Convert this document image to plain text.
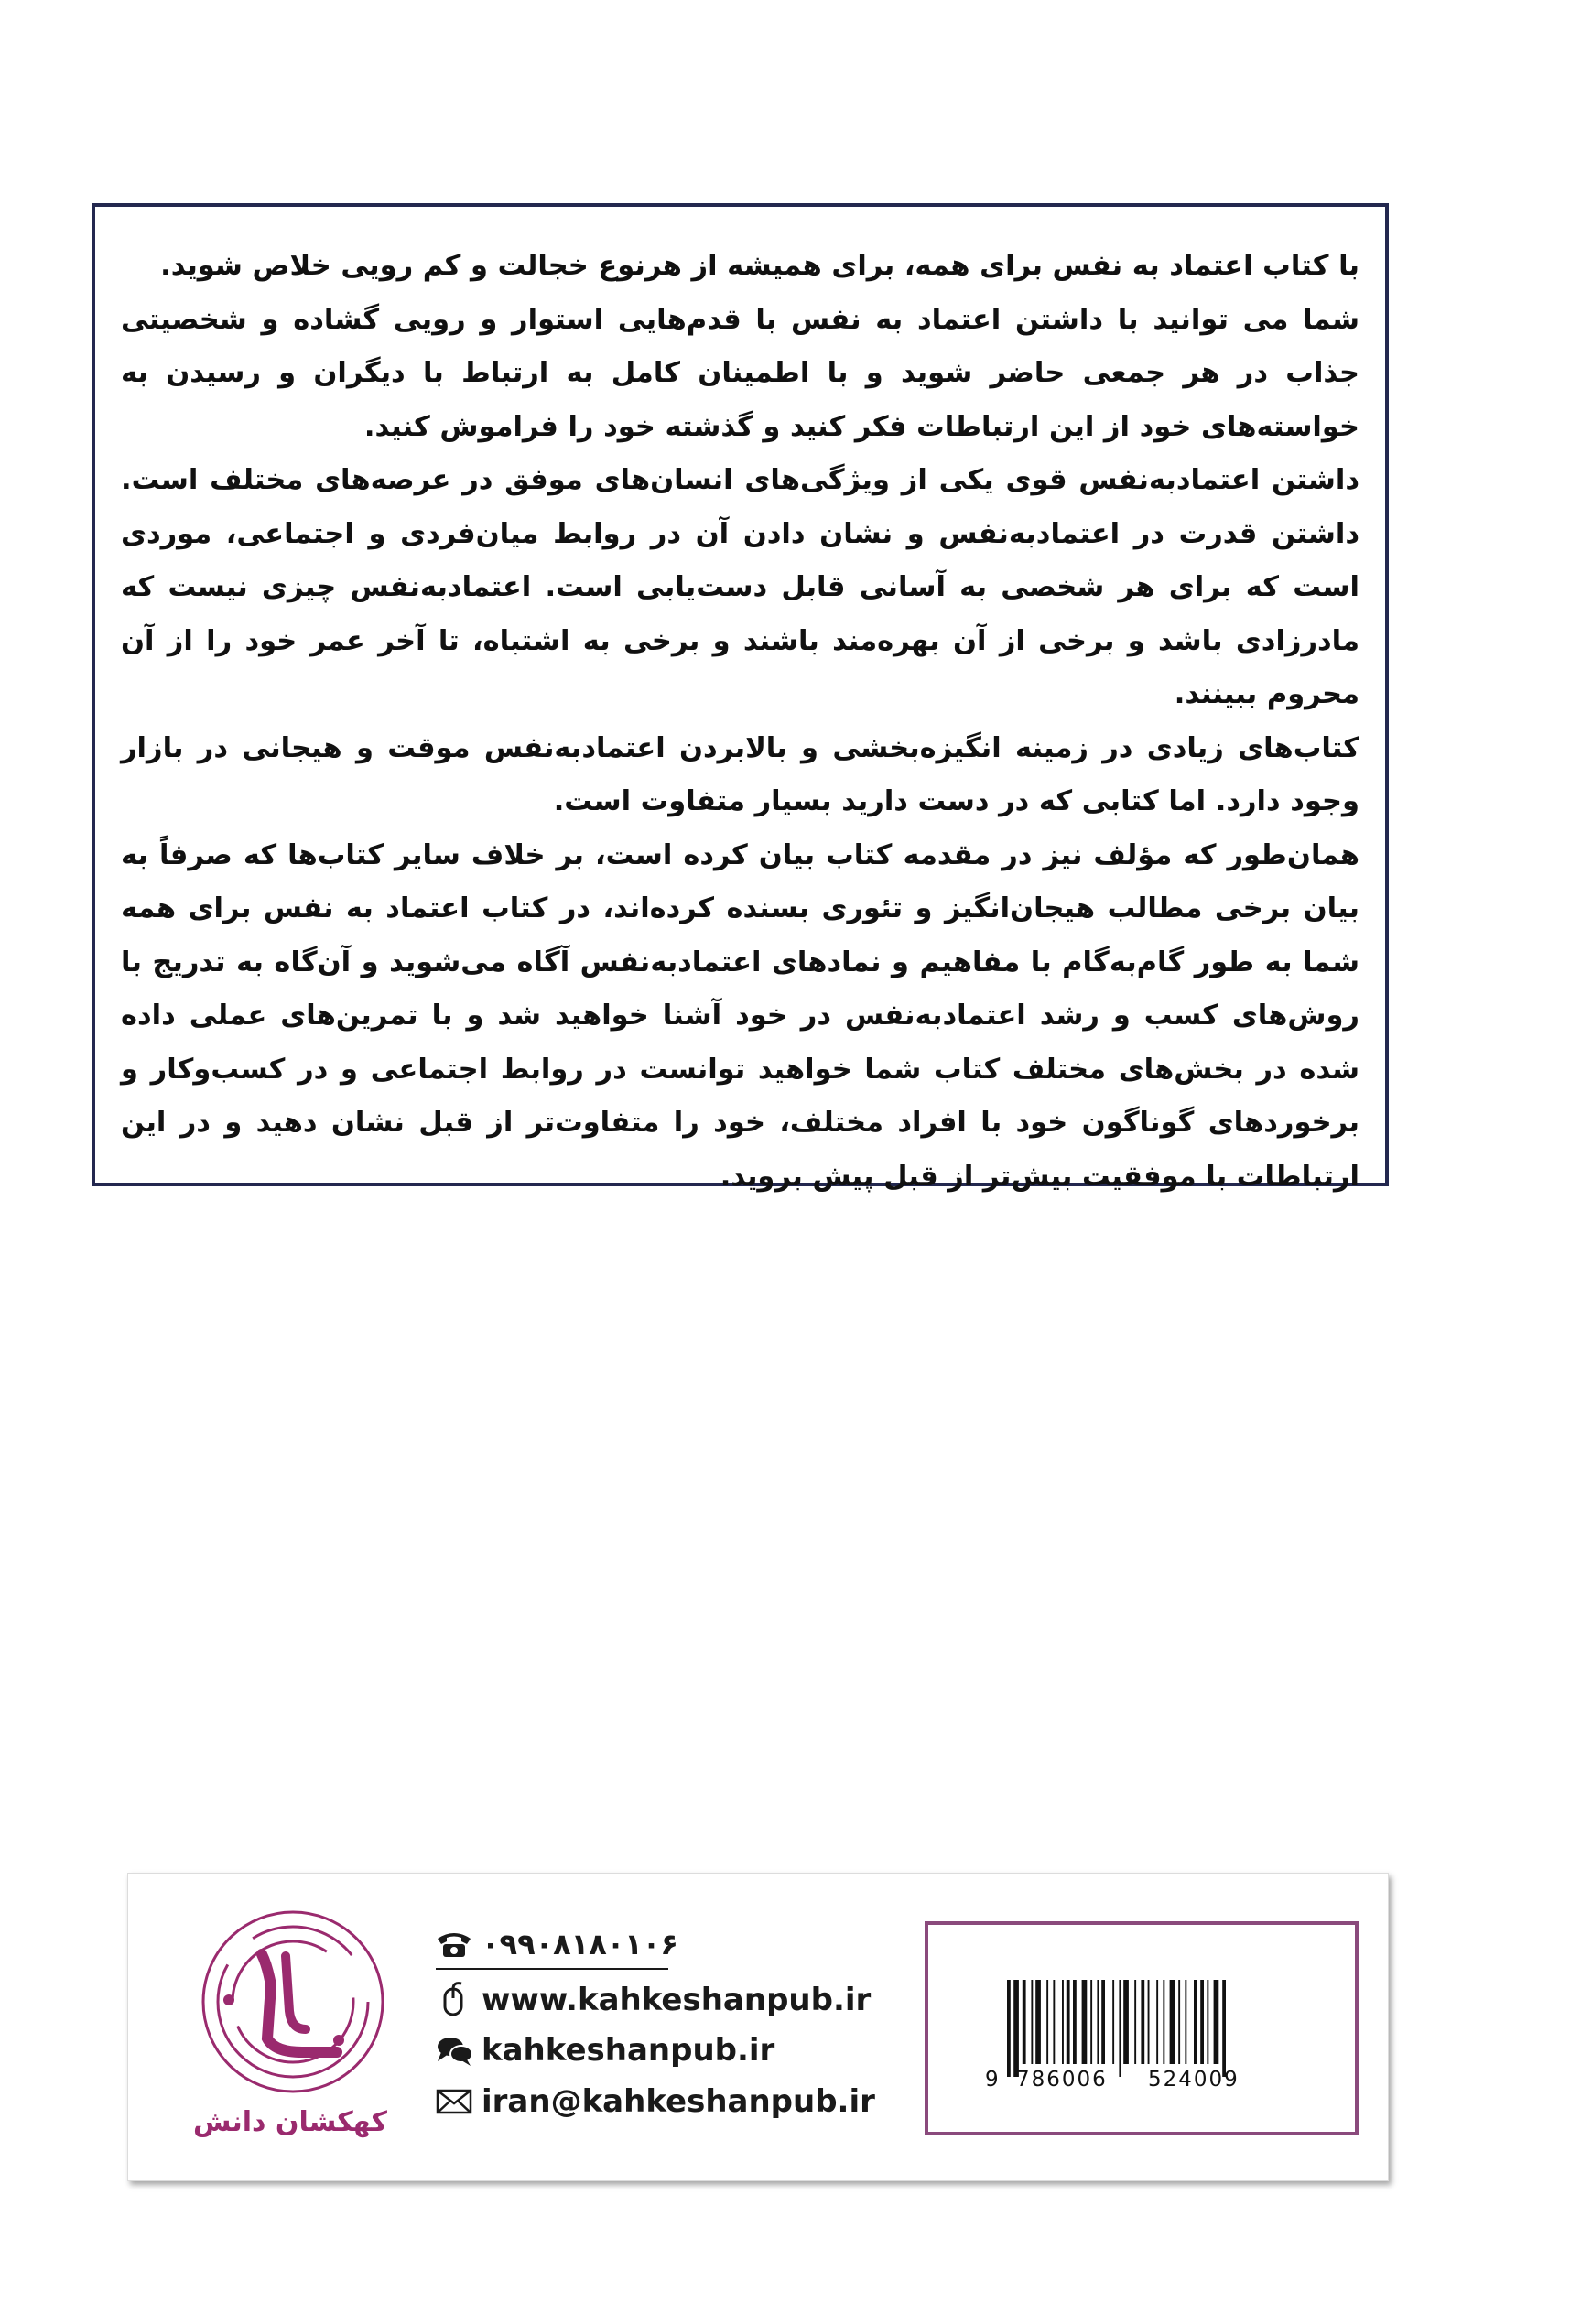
با کتاب اعتماد به نفس برای همه، برای همیشه از هرنوع خجالت و کم رویی خلاص شوید.

شما می توانید با داشتن اعتماد به نفس با قدم‌هایی استوار و رویی گشاده و شخصیتی جذاب در هر جمعی حاضر شوید و با اطمینان کامل به ارتباط با دیگران و رسیدن به خواسته‌های خود از این ارتباطات فکر کنید و گذشته خود را فراموش کنید.

داشتن اعتمادبه‌نفس قوی یکی از ویژگی‌های انسان‌های موفق در عرصه‌های مختلف است. داشتن قدرت در اعتمادبه‌نفس و نشان دادن آن در روابط میان‌فردی و اجتماعی، موردی است که برای هر شخصی به آسانی قابل دست‌یابی است. اعتمادبه‌نفس چیزی نیست که مادرزادی باشد و برخی از آن بهره‌مند باشند و برخی به اشتباه، تا آخر عمر خود را از آن محروم ببینند.

کتاب‌های زیادی در زمینه انگیزه‌بخشی و بالابردن اعتمادبه‌نفس موقت و هیجانی در بازار وجود دارد. اما کتابی که در دست دارید بسیار متفاوت است.

همان‌طور که مؤلف نیز در مقدمه کتاب بیان کرده است، بر خلاف سایر کتاب‌ها که صرفاً به بیان برخی مطالب هیجان‌انگیز و تئوری بسنده کرده‌اند، در کتاب اعتماد به نفس برای همه شما به طور گام‌به‌گام با مفاهیم و نمادهای اعتمادبه‌نفس آگاه می‌شوید و آن‌گاه به تدریج با روش‌های کسب و رشد اعتمادبه‌نفس در خود آشنا خواهید شد و با تمرین‌های عملی داده شده در بخش‌های مختلف کتاب شما خواهید توانست در روابط اجتماعی و در کسب‌وکار و برخوردهای گوناگون خود با افراد مختلف، خود را متفاوت‌تر از قبل نشان دهید و در این ارتباطات با موفقیت بیش‌تر از قبل پیش بروید.

کهکشان دانش
۰۹۹۰۸۱۸۰۱۰۶
www.kahkeshanpub.ir
kahkeshanpub.ir
iran@kahkeshanpub.ir
9 786006 524009
